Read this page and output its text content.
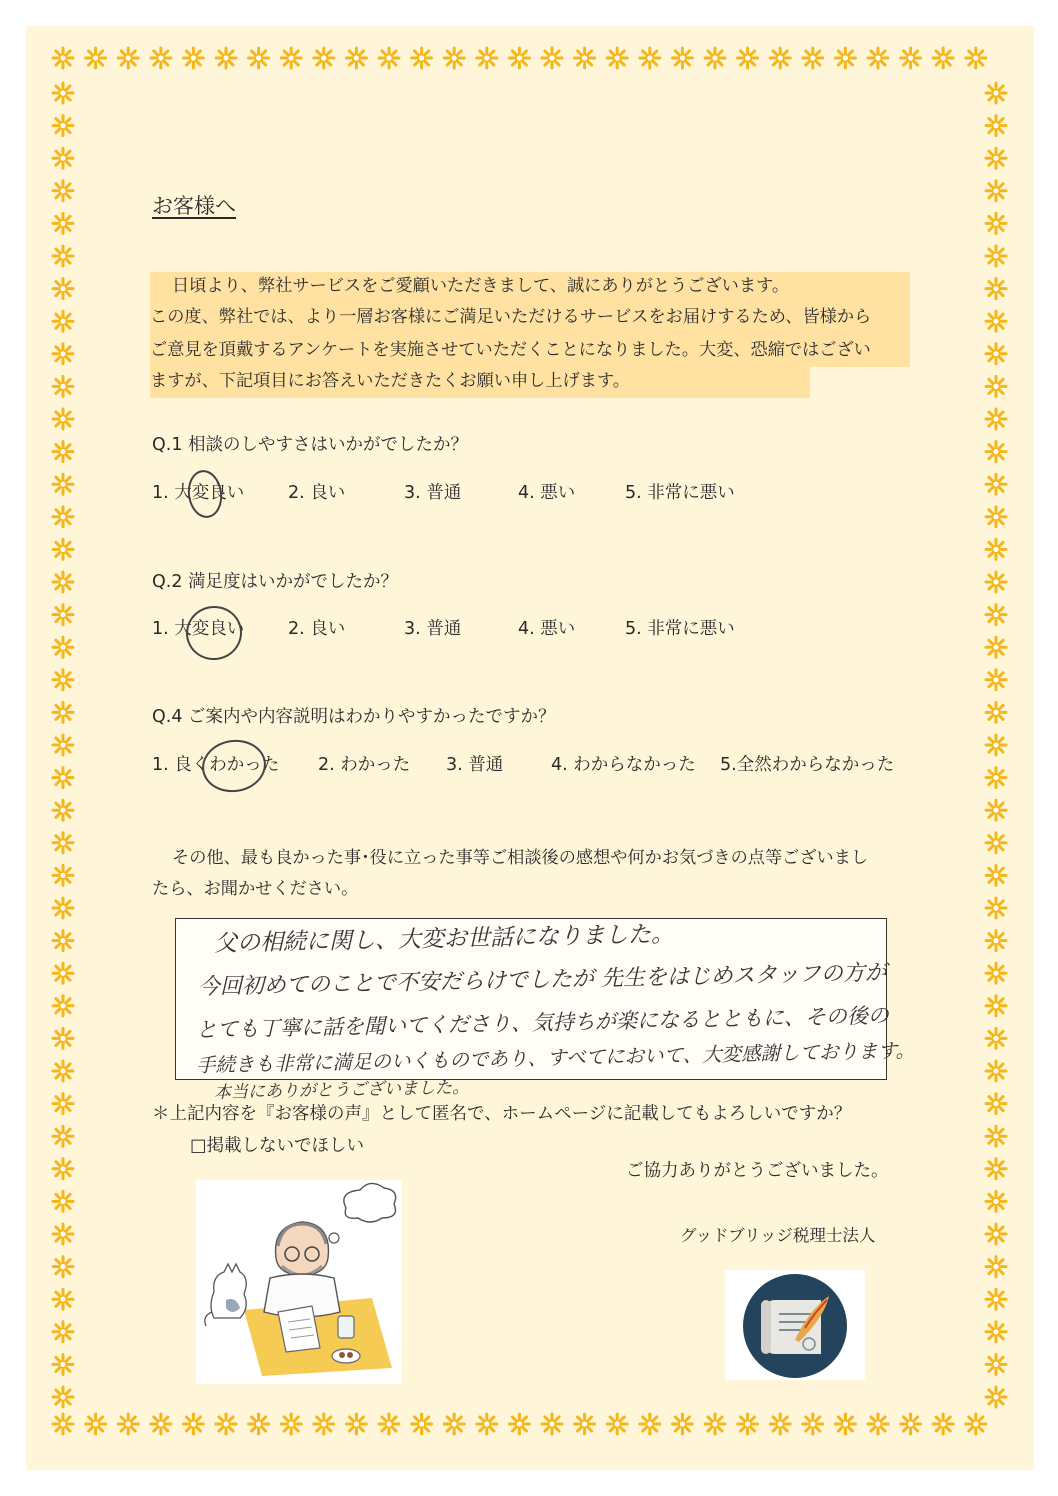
お客様へ
日頃より、弊社サービスをご愛顧いただきまして、誠にありがとうございます。
この度、弊社では、より一層お客様にご満足いただけるサービスをお届けするため、皆様から
ご意見を頂戴するアンケートを実施させていただくことになりました。大変、恐縮ではござい
ますが、下記項目にお答えいただきたくお願い申し上げます。
Q.1 相談のしやすさはいかがでしたか？
1. 大変良い 2. 良い	3. 普通	4. 悪い	5. 非常に悪い
Q.2 満足度はいかがでしたか？
1. 大変良い 2. 良い	3. 普通	4. 悪い	5. 非常に悪い
Q.4 ご案内や内容説明はわかりやすかったですか？
1. 良くわかった 2. わかった 3. 普通	4. わからなかった 5.全然わからなかった
その他、最も良かった事･役に立った事等ご相談後の感想や何かお気づきの点等ございまし
たら、お聞かせください。
父の相続に関し、大変お世話になりました。
今回初めてのことで不安だらけでしたが 先生をはじめスタッフの方が
とても丁寧に話を聞いてくださり、気持ちが楽になるとともに、その後の
手続きも非常に満足のいくものであり、すべてにおいて、大変感謝しております。
本当にありがとうございました。
＊上記内容を『お客様の声』として匿名で、ホームページに記載してもよろしいですか？
□掲載しないでほしい
ご協力ありがとうございました。
グッドブリッジ税理士法人
